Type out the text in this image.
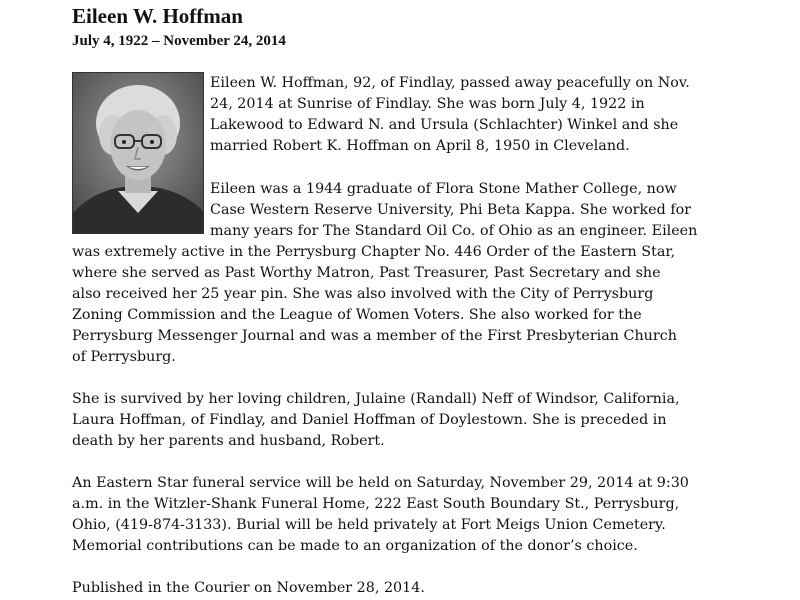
Eileen W. Hoffman
July 4, 1922 – November 24, 2014
Eileen W. Hoffman, 92, of Findlay, passed away peacefully on Nov.
24, 2014 at Sunrise of Findlay. She was born July 4, 1922 in
Lakewood to Edward N. and Ursula (Schlachter) Winkel and she
married Robert K. Hoffman on April 8, 1950 in Cleveland.
Eileen was a 1944 graduate of Flora Stone Mather College, now
Case Western Reserve University, Phi Beta Kappa. She worked for
many years for The Standard Oil Co. of Ohio as an engineer. Eileen
was extremely active in the Perrysburg Chapter No. 446 Order of the Eastern Star,
where she served as Past Worthy Matron, Past Treasurer, Past Secretary and she
also received her 25 year pin. She was also involved with the City of Perrysburg
Zoning Commission and the League of Women Voters. She also worked for the
Perrysburg Messenger Journal and was a member of the First Presbyterian Church
of Perrysburg.
She is survived by her loving children, Julaine (Randall) Neff of Windsor, California,
Laura Hoffman, of Findlay, and Daniel Hoffman of Doylestown. She is preceded in
death by her parents and husband, Robert.
An Eastern Star funeral service will be held on Saturday, November 29, 2014 at 9:30
a.m. in the Witzler-Shank Funeral Home, 222 East South Boundary St., Perrysburg,
Ohio, (419-874-3133). Burial will be held privately at Fort Meigs Union Cemetery.
Memorial contributions can be made to an organization of the donor’s choice.
Published in the Courier on November 28, 2014.
